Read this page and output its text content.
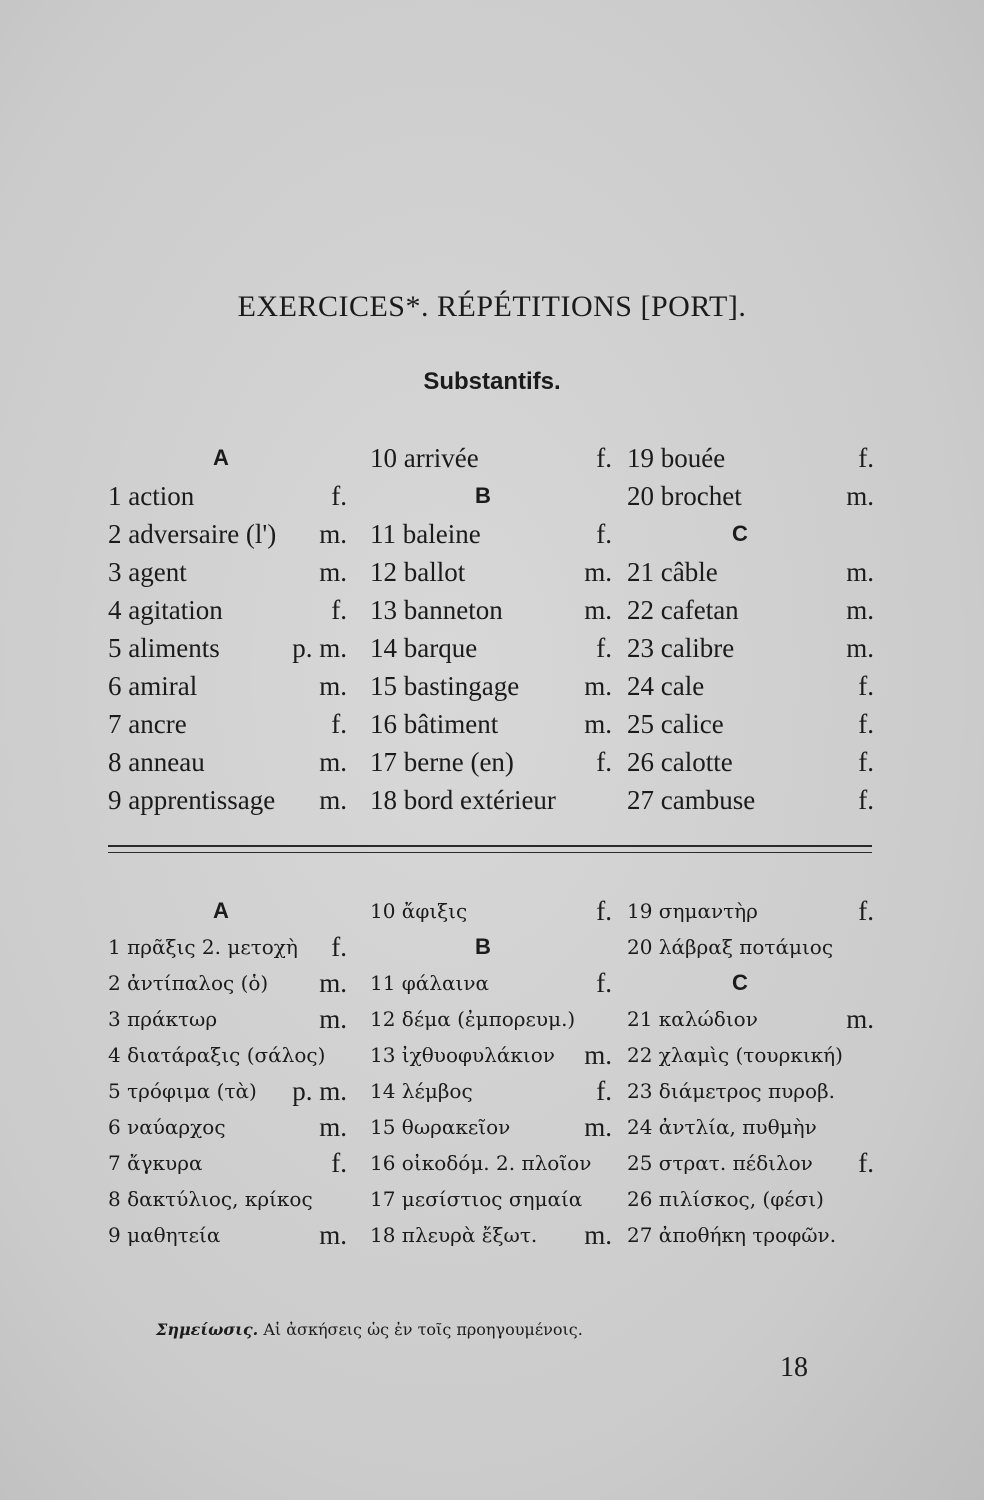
EXERCICES*. RÉPÉTITIONS [PORT].
Substantifs.
A
1 action	f.
2 adversaire (l')	m.
3 agent	m.
4 agitation	f.
5 aliments	p. m.
6 amiral	m.
7 ancre	f.
8 anneau	m.
9 apprentissage	m.
10 arrivée	f.
B
11 baleine	f.
12 ballot	m.
13 banneton	m.
14 barque	f.
15 bastingage	m.
16 bâtiment	m.
17 berne (en)	f.
18 bord extérieur
19 bouée	f.
20 brochet	m.
C
21 câble	m.
22 cafetan	m.
23 calibre	m.
24 cale	f.
25 calice	f.
26 calotte	f.
27 cambuse	f.
A
1 πρᾶξις 2. μετοχὴ	f.
2 ἀντίπαλος (ὁ)	m.
3 πράκτωρ	m.
4 διατάραξις (σάλος)
5 τρόφιμα (τὰ)	p. m.
6 ναύαρχος	m.
7 ἄγκυρα	f.
8 δακτύλιος, κρίκος
9 μαθητεία	m.
10 ἄφιξις	f.
B
11 φάλαινα	f.
12 δέμα (ἐμπορευμ.)
13 ἰχθυοφυλάκιον	m.
14 λέμβος	f.
15 θωρακεῖον	m.
16 οἰκοδόμ. 2. πλοῖον
17 μεσίστιος σημαία
18 πλευρὰ ἔξωτ.	m.
19 σημαντὴρ	f.
20 λάβραξ ποτάμιος
C
21 καλώδιον	m.
22 χλαμὶς (τουρκική)
23 διάμετρος πυροβ.
24 ἀντλία, πυθμὴν
25 στρατ. πέδιλον	f.
26 πιλίσκος, (φέσι)
27 ἀποθήκη τροφῶν.
Σημείωσις. Αἱ ἀσκήσεις ὡς ἐν τοῖς προηγουμένοις.
18
